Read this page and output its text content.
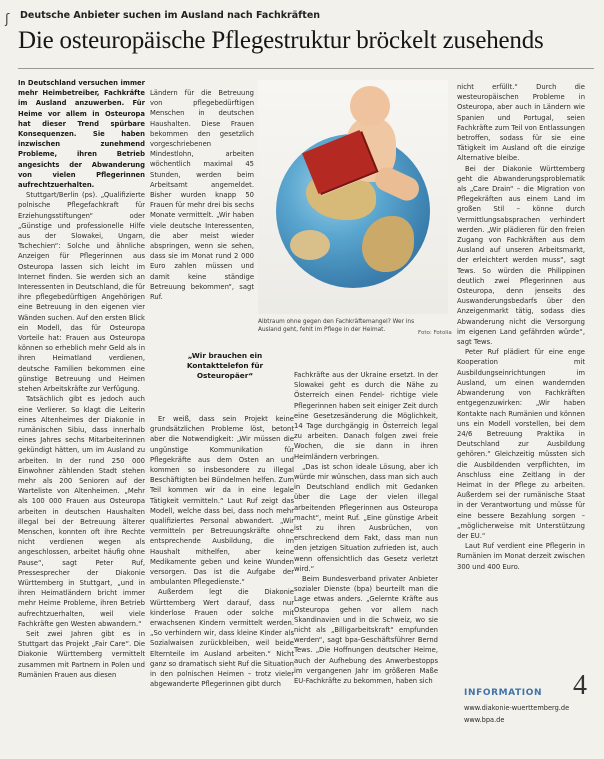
ʃ Deutsche Anbieter suchen im Ausland nach Fachkräften
Die osteuropäische Pflegestruktur bröckelt zusehends

In Deutschland versuchen immer mehr Heimbetreiber, Fachkräfte im Ausland anzuwerben. Für Heime vor allem in Osteuropa hat dieser Trend spürbare Konsequenzen. Sie haben inzwischen zunehmend Probleme, ihren Betrieb angesichts der Abwanderung von vielen Pflegerinnen aufrechtzuerhalten.

Stuttgart/Berlin (ps). „Qualifizierte polnische Pflegefachkraft für Erziehungsstiftungen“ oder „Günstige und professionelle Hilfe aus der Slowakei, Ungarn, Tschechien“: Solche und ähnliche Anzeigen für Pflegerinnen aus Osteuropa lassen sich leicht im Internet finden. Sie werden sich an Interessenten in Deutschland, die für ihre pflegebedürftigen Angehörigen eine Betreuung in den eigenen vier Wänden suchen. Auf den ersten Blick ein Modell, das für Osteuropa Vorteile hat: Frauen aus Osteuropa können so erheblich mehr Geld als in ihren Heimatland verdienen, deutsche Familien bekommen eine günstige Betreuung und Heimen stehen Arbeitskräfte zur Verfügung.

Tatsächlich gibt es jedoch auch eine Verlierer. So klagt die Leiterin eines Altenheimes der Diakonie in rumänischen Sibiu, dass innerhalb eines Jahres sechs Mitarbeiterinnen gekündigt hätten, um im Ausland zu arbeiten. In der rund 250 000 Einwohner zählenden Stadt stehen mehr als 200 Senioren auf der Warteliste von Altenheimen. „Mehr als 100 000 Frauen aus Osteuropa arbeiten in deutschen Haushalten illegal bei der Betreuung älterer Menschen, konnten oft ihre Rechte nicht verdienen wegen als angeschlossen, arbeitet häufig ohne Pause“, sagt Peter Ruf, Pressesprecher der Diakonie Württemberg in Stuttgart, „und in ihren Heimatländern bricht immer mehr Heime Probleme, ihren Betrieb aufrechtzuerhalten, weil viele Fachkräfte gen Westen abwandern.“

Seit zwei Jahren gibt es in Stuttgart das Projekt „Fair Care“. Die Diakonie Württemberg vermittelt zusammen mit Partnern in Polen und Rumänien Frauen aus diesen

Ländern für die Betreuung von pflegebedürftigen Menschen in deutschen Haushalten. Diese Frauen bekommen den gesetzlich vorgeschriebenen Mindestlohn, arbeiten wöchentlich maximal 45 Stunden, werden beim Arbeitsamt angemeldet. Bisher wurden knapp 50 Frauen für mehr drei bis sechs Monate vermittelt. „Wir haben viele deutsche Interessenten, die aber meist wieder abspringen, wenn sie sehen, dass sie im Monat rund 2 000 Euro zahlen müssen und damit keine ständige Betreuung bekommen“, sagt Ruf.

„Wir brauchen ein Kontakttelefon für Osteuropäer“

Er weiß, dass sein Projekt keine grundsätzlichen Probleme löst, betont aber die Notwendigkeit: „Wir müssen die ungünstige Kommunikation für Pflegekräfte aus dem Osten an und kommen so insbesondere zu illegal Beschäftigten bei Bündelmen helfen. Zum Teil kommen wir da in eine legale Tätigkeit vermitteln.“ Laut Ruf zeigt das Modell, welche dass bei, dass noch mehr qualifiziertes Personal abwandert. „Wir vermitteln per Betreuungskräfte ohne entsprechende Ausbildung, die im Haushalt mithelfen, aber keine Medikamente geben und keine Wunden versorgen. Das ist die Aufgabe der ambulanten Pflegedienste.“

Außerdem legt die Diakonie Württemberg Wert darauf, dass nur kinderlose Frauen oder solche mit erwachsenen Kindern vermittelt werden. „So verhindern wir, dass kleine Kinder als Sozialwaisen zurückbleiben, weil beide Elternteile im Ausland arbeiten.“ Nicht ganz so dramatisch sieht Ruf die Situation in den polnischen Heimen – trotz vieler abgewanderte Pflegerinnen gibt durch

Albtraum ohne gegen den Fachkräftemangel? Wer ins Ausland geht, fehlt im Pflege in der Heimat.	Foto: Fotolia

Fachkräfte aus der Ukraine ersetzt. In der Slowakei geht es durch die Nähe zu Österreich einen Fendel- richtige viele Pflegerinnen haben seit einiger Zeit durch eine Gesetzesänderung die Möglichkeit, 14 Tage durchgängig in Österreich legal zu arbeiten. Danach folgen zwei freie Wochen, die sie dann in ihren Heimländern verbringen.

„Das ist schon ideale Lösung, aber ich würde mir wünschen, dass man sich auch in Deutschland endlich mit Gedanken über die Lage der vielen illegal arbeitenden Pflegerinnen aus Osteuropa macht“, meint Ruf. „Eine günstige Arbeit ist zu ihren Ausbrüchen, von erschreckend dem Fakt, dass man nun den jetzigen Situation zufrieden ist, auch wenn offensichtlich das Gesetz verletzt wird.“

Beim Bundesverband privater Anbieter sozialer Dienste (bpa) beurteilt man die Lage etwas anders. „Gelernte Kräfte aus Osteuropa gehen vor allem nach Skandinavien und in die Schweiz, wo sie nicht als „Billigarbeitskraft“ empfunden werden“, sagt bpa-Geschäftsführer Bernd Tews. „Die Hoffnungen deutscher Heime, auch der Aufhebung des Anwerbestopps im vergangenen Jahr im größeren Maße EU-Fachkräfte zu bekommen, haben sich

nicht erfüllt.“ Durch die westeuropäischen Probleme in Osteuropa, aber auch in Ländern wie Spanien und Portugal, seien Fachkräfte zum Teil von Entlassungen betroffen, sodass für sie eine Tätigkeit im Ausland oft die einzige Alternative bleibe.

Bei der Diakonie Württemberg geht die Abwanderungsproblematik als „Care Drain“ – die Migration von Pflegekräften aus einem Land im großen Stil – könne durch Vermittlungsabsprachen verhindert werden. „Wir plädieren für den freien Zugang von Fachkräften aus dem Ausland auf unseren Arbeitsmarkt, der erleichtert werden muss“, sagt Tews. So würden die Philippinen deutlich zwei Pflegerinnen aus Osteuropa, denn jenseits des Auswanderungsbedarfs über den Anzeigenmarkt tätig, sodass dies Abwanderung nicht die Versorgung im eigenen Land gefährden würde“, sagt Tews.

Peter Ruf plädiert für eine enge Kooperation mit Ausbildungseinrichtungen im Ausland, um einen wandernden Abwanderung von Fachkräften entgegenzuwirken: „Wir haben Kontakte nach Rumänien und können uns ein Modell vorstellen, bei dem 24/6 Betreuung Praktika in Deutschland zur Ausbildung gehören.“ Gleichzeitig müssten sich die Ausbildenden verpflichten, im Anschluss eine Zeitlang in der Heimat in der Pflege zu arbeiten. Außerdem sei der rumänische Staat in der Verantwortung und müsse für eine bessere Bezahlung sorgen – „möglicherweise mit Unterstützung der EU.“

Laut Ruf verdient eine Pflegerin in Rumänien im Monat derzeit zwischen 300 und 400 Euro.

INFORMATION
www.diakonie-wuerttemberg.de
www.bpa.de
4
